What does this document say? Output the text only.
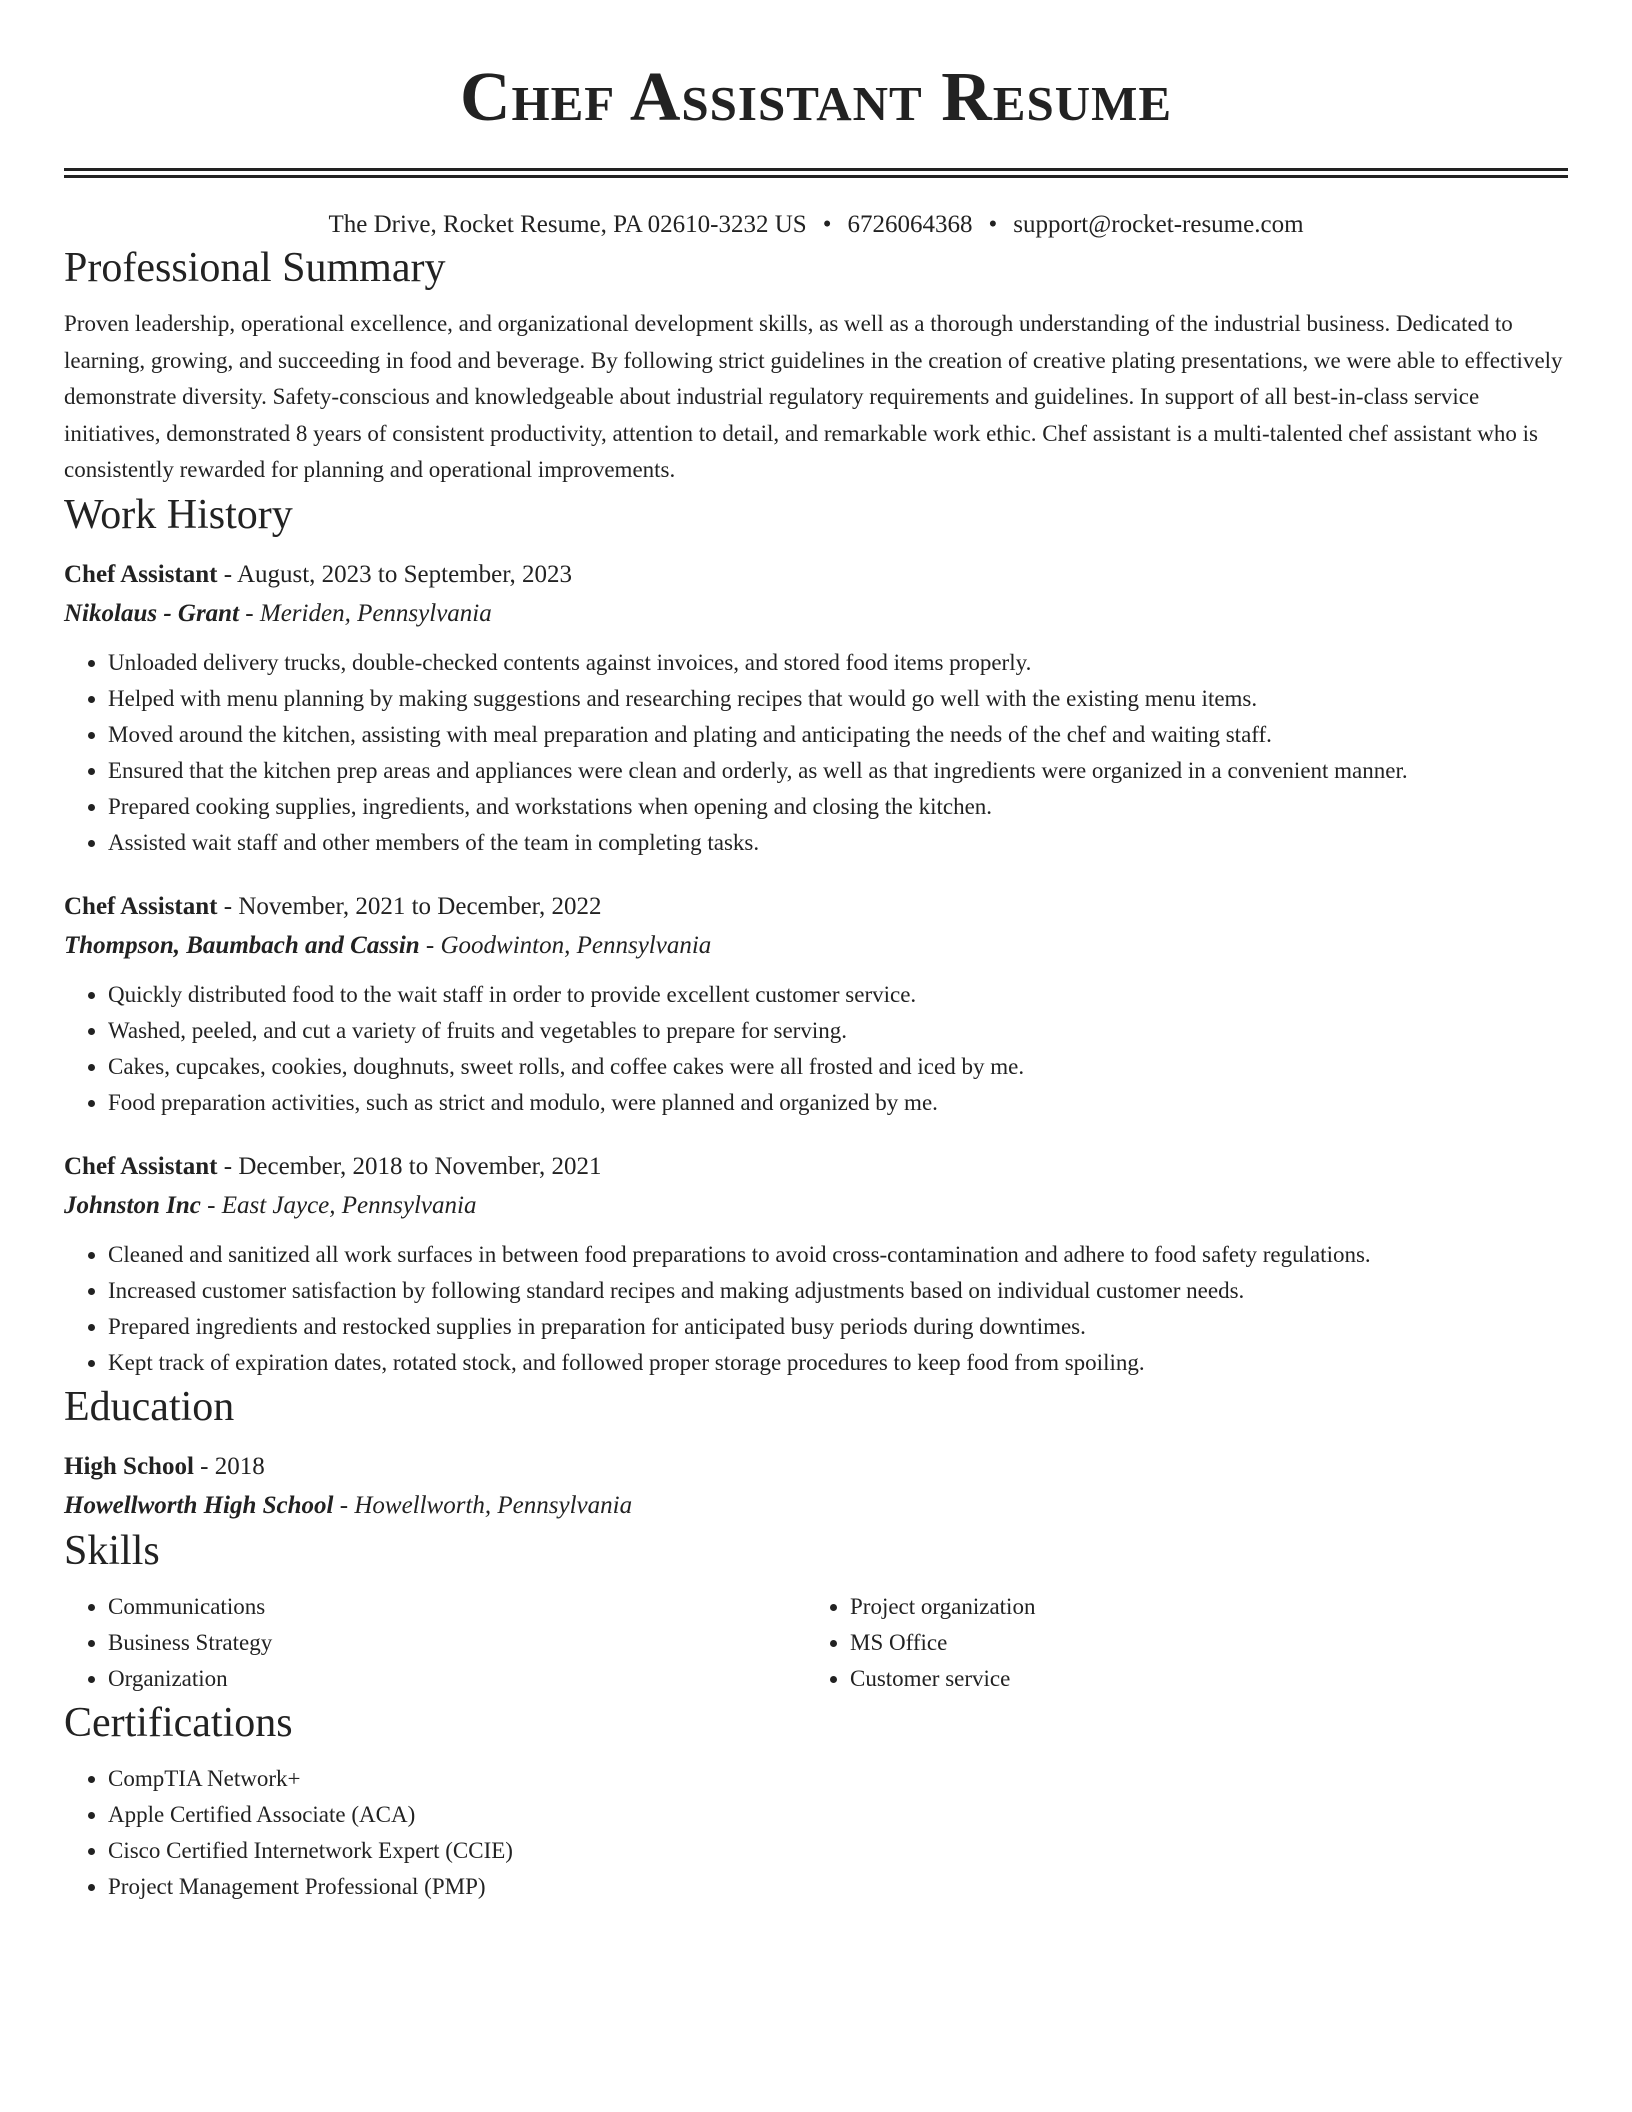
Chef Assistant Resume
The Drive, Rocket Resume, PA 02610-3232 US • 6726064368 • support@rocket-resume.com
Professional Summary
Proven leadership, operational excellence, and organizational development skills, as well as a thorough understanding of the industrial business. Dedicated to learning, growing, and succeeding in food and beverage. By following strict guidelines in the creation of creative plating presentations, we were able to effectively demonstrate diversity. Safety-conscious and knowledgeable about industrial regulatory requirements and guidelines. In support of all best-in-class service initiatives, demonstrated 8 years of consistent productivity, attention to detail, and remarkable work ethic. Chef assistant is a multi-talented chef assistant who is consistently rewarded for planning and operational improvements.
Work History
Chef Assistant - August, 2023 to September, 2023
Nikolaus - Grant - Meriden, Pennsylvania
• Unloaded delivery trucks, double-checked contents against invoices, and stored food items properly.
• Helped with menu planning by making suggestions and researching recipes that would go well with the existing menu items.
• Moved around the kitchen, assisting with meal preparation and plating and anticipating the needs of the chef and waiting staff.
• Ensured that the kitchen prep areas and appliances were clean and orderly, as well as that ingredients were organized in a convenient manner.
• Prepared cooking supplies, ingredients, and workstations when opening and closing the kitchen.
• Assisted wait staff and other members of the team in completing tasks.
Chef Assistant - November, 2021 to December, 2022
Thompson, Baumbach and Cassin - Goodwinton, Pennsylvania
• Quickly distributed food to the wait staff in order to provide excellent customer service.
• Washed, peeled, and cut a variety of fruits and vegetables to prepare for serving.
• Cakes, cupcakes, cookies, doughnuts, sweet rolls, and coffee cakes were all frosted and iced by me.
• Food preparation activities, such as strict and modulo, were planned and organized by me.
Chef Assistant - December, 2018 to November, 2021
Johnston Inc - East Jayce, Pennsylvania
• Cleaned and sanitized all work surfaces in between food preparations to avoid cross-contamination and adhere to food safety regulations.
• Increased customer satisfaction by following standard recipes and making adjustments based on individual customer needs.
• Prepared ingredients and restocked supplies in preparation for anticipated busy periods during downtimes.
• Kept track of expiration dates, rotated stock, and followed proper storage procedures to keep food from spoiling.
Education
High School - 2018
Howellworth High School - Howellworth, Pennsylvania
Skills
• Communications
• Business Strategy
• Organization
• Project organization
• MS Office
• Customer service
Certifications
• CompTIA Network+
• Apple Certified Associate (ACA)
• Cisco Certified Internetwork Expert (CCIE)
• Project Management Professional (PMP)
